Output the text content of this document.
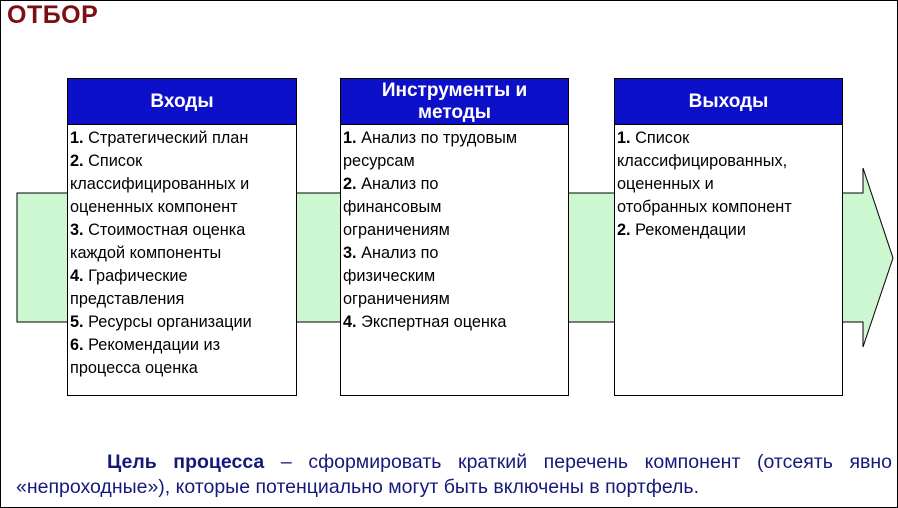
ОТБОР
Входы
1. Стратегический план
2. Список
классифицированных и
оцененных компонент
3. Стоимостная оценка
каждой компоненты
4. Графические
представления
5. Ресурсы организации
6. Рекомендации из
процесса оценка
Инструменты и
методы
1. Анализ по трудовым
ресурсам
2. Анализ по
финансовым
ограничениям
3. Анализ по
физическим
ограничениям
4. Экспертная оценка
Выходы
1. Список
классифицированных,
оцененных и
отобранных компонент
2. Рекомендации
Цель процесса – сформировать краткий перечень компонент (отсеять явно «непроходные»), которые потенциально могут быть включены в портфель.
